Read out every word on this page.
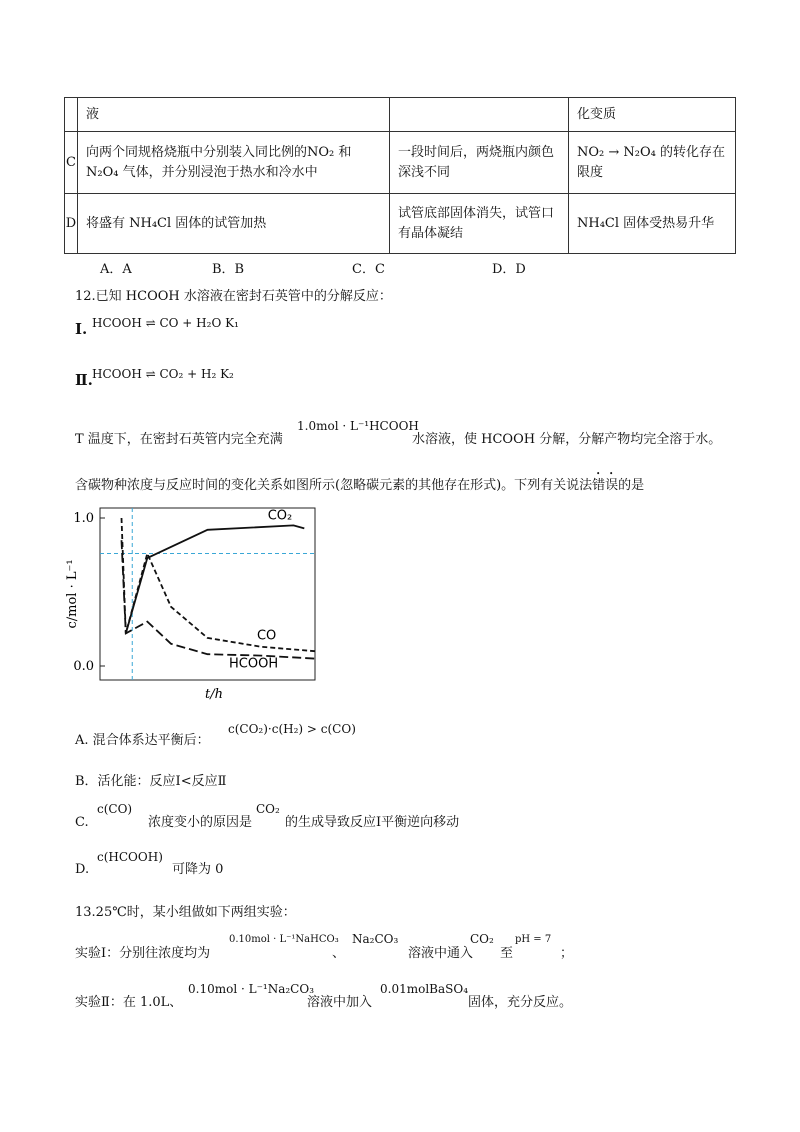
	液		化变质
C	向两个同规格烧瓶中分别装入同比例的NO₂ 和 N₂O₄ 气体，并分别浸泡于热水和冷水中	一段时间后，两烧瓶内颜色深浅不同	NO₂ → N₂O₄ 的转化存在限度
D	将盛有 NH₄Cl 固体的试管加热	试管底部固体消失，试管口有晶体凝结	NH₄Cl 固体受热易升华
A．A	B．B	C．C	D．D
12.已知 HCOOH 水溶液在密封石英管中的分解反应：
Ⅰ. HCOOH ⇌ CO + H₂O K₁
Ⅱ. HCOOH ⇌ CO₂ + H₂ K₂
T 温度下，在密封石英管内完全充满
1.0mol · L⁻¹HCOOH
水溶液，使 HCOOH 分解，分解产物均完全溶于水。
含碳物种浓度与反应时间的变化关系如图所示(忽略碳元素的其他存在形式)。下列有关说法错误的是
1.0
0.0
CO₂
CO
HCOOH
c/mol · L⁻¹
t/h
A. 混合体系达平衡后：
c(CO₂)·c(H₂) > c(CO)
B．活化能：反应Ⅰ<反应Ⅱ
C.
c(CO)
浓度变小的原因是
CO₂
的生成导致反应Ⅰ平衡逆向移动
D.
c(HCOOH)
可降为 0
13.25℃时，某小组做如下两组实验：
实验Ⅰ：分别往浓度均为
0.10mol · L⁻¹NaHCO₃
、
Na₂CO₃
溶液中通入
CO₂
至
pH = 7
；
实验Ⅱ：在 1.0L、
0.10mol · L⁻¹Na₂CO₃
溶液中加入
0.01molBaSO₄
固体，充分反应。
